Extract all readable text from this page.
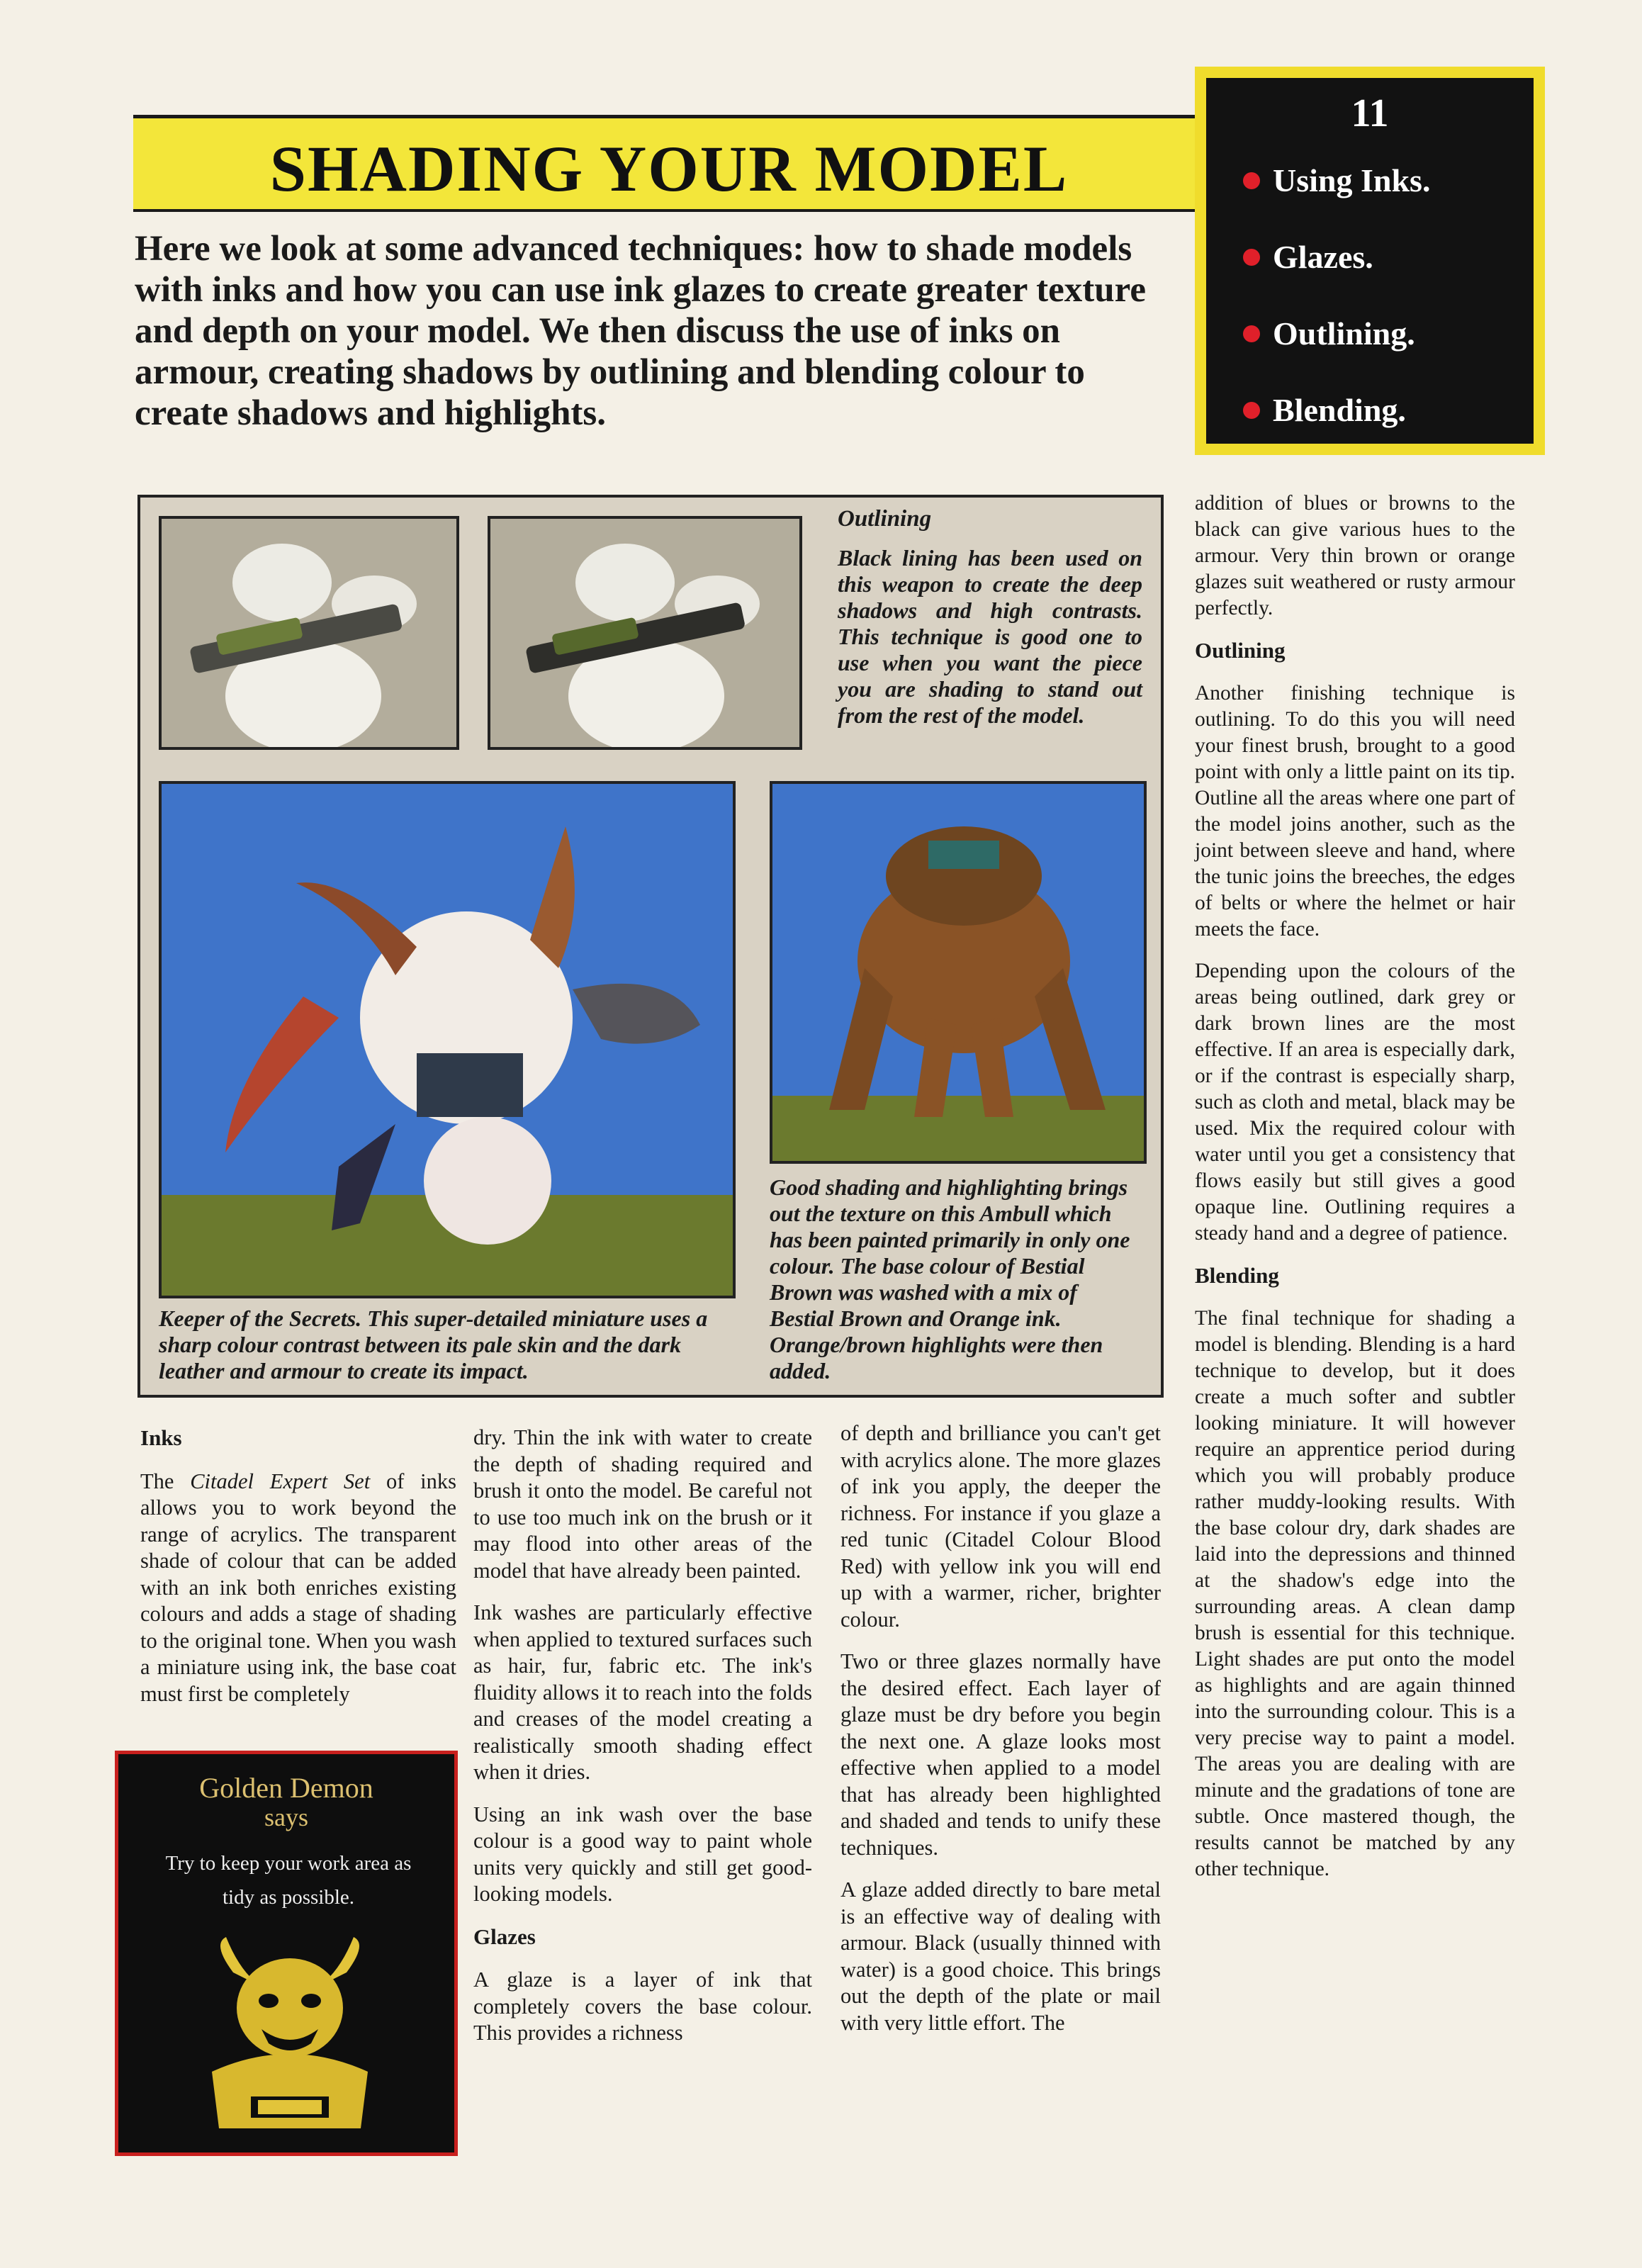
SHADING YOUR MODEL
Here we look at some advanced techniques: how to shade models with inks and how you can use ink glazes to create greater texture and depth on your model. We then discuss the use of inks on armour, creating shadows by outlining and blending colour to create shadows and highlights.
11
Using Inks.
Glazes.
Outlining.
Blending.
Outlining
Black lining has been used on this weapon to create the deep shadows and high contrasts. This technique is good one to use when you want the piece you are shading to stand out from the rest of the model.
Good shading and highlighting brings out the texture on this Ambull which has been painted primarily in only one colour. The base colour of Bestial Brown was washed with a mix of Bestial Brown and Orange ink. Orange/brown highlights were then added.
Keeper of the Secrets. This super-detailed miniature uses a sharp colour contrast between its pale skin and the dark leather and armour to create its impact.
Inks

The Citadel Expert Set of inks allows you to work beyond the range of acrylics. The transparent shade of colour that can be added with an ink both enriches existing colours and adds a stage of shading to the original tone. When you wash a miniature using ink, the base coat must first be completely

Golden Demon
says
Try to keep your work area as tidy as possible.

dry. Thin the ink with water to create the depth of shading required and brush it onto the model. Be careful not to use too much ink on the brush or it may flood into other areas of the model that have already been painted.

Ink washes are particularly effective when applied to textured surfaces such as hair, fur, fabric etc. The ink's fluidity allows it to reach into the folds and creases of the model creating a realistically smooth shading effect when it dries.

Using an ink wash over the base colour is a good way to paint whole units very quickly and still get good-looking models.

Glazes

A glaze is a layer of ink that completely covers the base colour. This provides a richness

of depth and brilliance you can't get with acrylics alone. The more glazes of ink you apply, the deeper the richness. For instance if you glaze a red tunic (Citadel Colour Blood Red) with yellow ink you will end up with a warmer, richer, brighter colour.

Two or three glazes normally have the desired effect. Each layer of glaze must be dry before you begin the next one. A glaze looks most effective when applied to a model that has already been highlighted and shaded and tends to unify these techniques.

A glaze added directly to bare metal is an effective way of dealing with armour. Black (usually thinned with water) is a good choice. This brings out the depth of the plate or mail with very little effort. The

addition of blues or browns to the black can give various hues to the armour. Very thin brown or orange glazes suit weathered or rusty armour perfectly.

Outlining

Another finishing technique is outlining. To do this you will need your finest brush, brought to a good point with only a little paint on its tip. Outline all the areas where one part of the model joins another, such as the joint between sleeve and hand, where the tunic joins the breeches, the edges of belts or where the helmet or hair meets the face.

Depending upon the colours of the areas being outlined, dark grey or dark brown lines are the most effective. If an area is especially dark, or if the contrast is especially sharp, such as cloth and metal, black may be used. Mix the required colour with water until you get a consistency that flows easily but still gives a good opaque line. Outlining requires a steady hand and a degree of patience.

Blending

The final technique for shading a model is blending. Blending is a hard technique to develop, but it does create a much softer and subtler looking miniature. It will however require an apprentice period during which you will probably produce rather muddy-looking results. With the base colour dry, dark shades are laid into the depressions and thinned at the shadow's edge into the surrounding areas. A clean damp brush is essential for this technique. Light shades are put onto the model as highlights and are again thinned into the surrounding colour. This is a very precise way to paint a model. The areas you are dealing with are minute and the gradations of tone are subtle. Once mastered though, the results cannot be matched by any other technique.
